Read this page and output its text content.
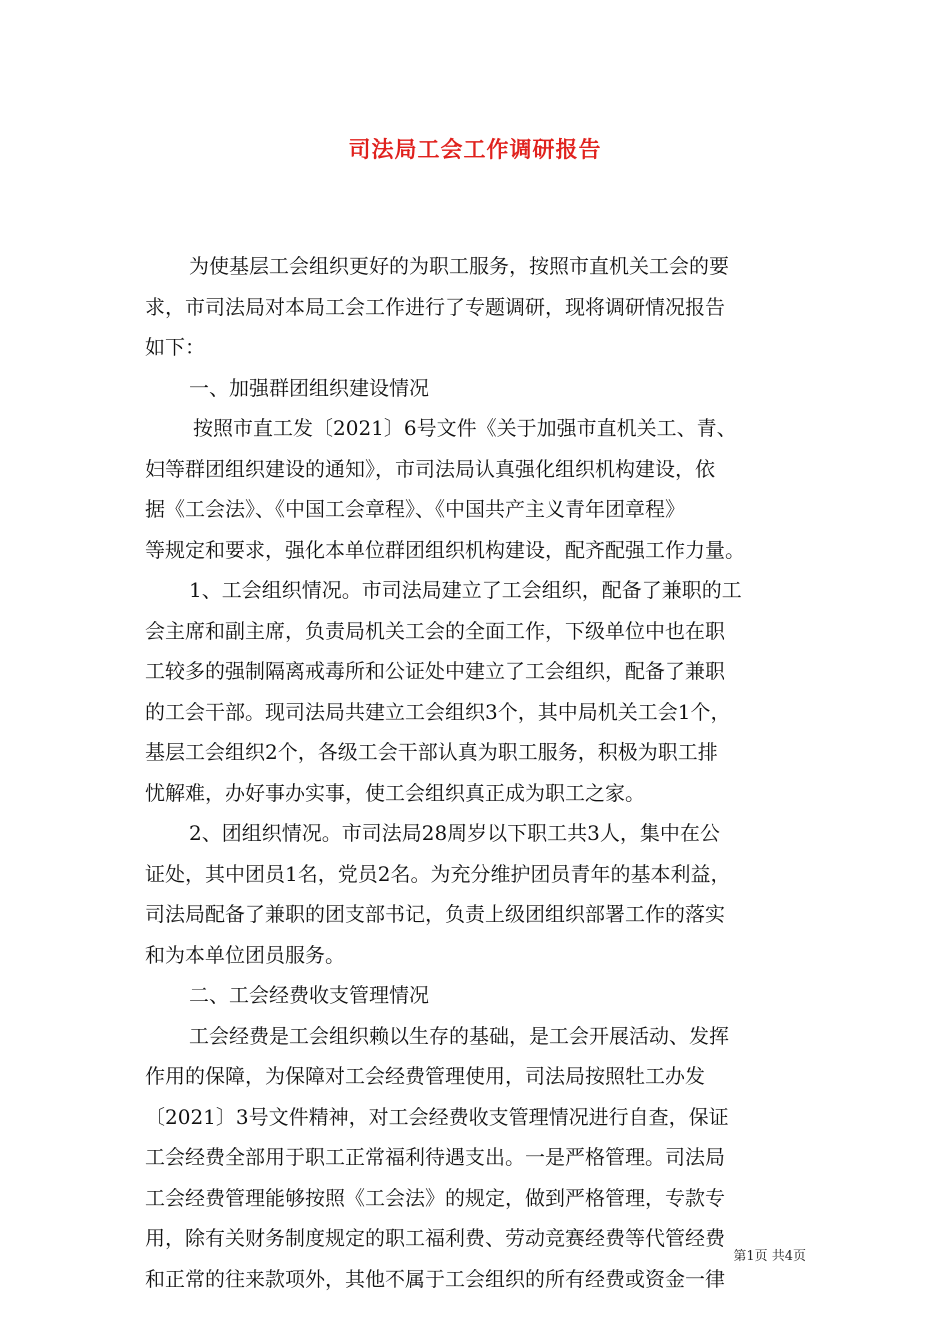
司法局工会工作调研报告
为使基层工会组织更好的为职工服务，按照市直机关工会的要
求，市司法局对本局工会工作进行了专题调研，现将调研情况报告
如下：
一、加强群团组织建设情况
按照市直工发〔2021〕6号文件《关于加强市直机关工、青、
妇等群团组织建设的通知》，市司法局认真强化组织机构建设，依
据《工会法》、《中国工会章程》、《中国共产主义青年团章程》
等规定和要求，强化本单位群团组织机构建设，配齐配强工作力量。
1、工会组织情况。市司法局建立了工会组织，配备了兼职的工
会主席和副主席，负责局机关工会的全面工作，下级单位中也在职
工较多的强制隔离戒毒所和公证处中建立了工会组织，配备了兼职
的工会干部。现司法局共建立工会组织3个，其中局机关工会1个，
基层工会组织2个，各级工会干部认真为职工服务，积极为职工排
忧解难，办好事办实事，使工会组织真正成为职工之家。
2、团组织情况。市司法局28周岁以下职工共3人，集中在公
证处，其中团员1名，党员2名。为充分维护团员青年的基本利益，
司法局配备了兼职的团支部书记，负责上级团组织部署工作的落实
和为本单位团员服务。
二、工会经费收支管理情况
工会经费是工会组织赖以生存的基础，是工会开展活动、发挥
作用的保障，为保障对工会经费管理使用，司法局按照牡工办发
〔2021〕3号文件精神，对工会经费收支管理情况进行自查，保证
工会经费全部用于职工正常福利待遇支出。一是严格管理。司法局
工会经费管理能够按照《工会法》的规定，做到严格管理，专款专
用，除有关财务制度规定的职工福利费、劳动竞赛经费等代管经费
和正常的往来款项外，其他不属于工会组织的所有经费或资金一律
第1页 共4页
